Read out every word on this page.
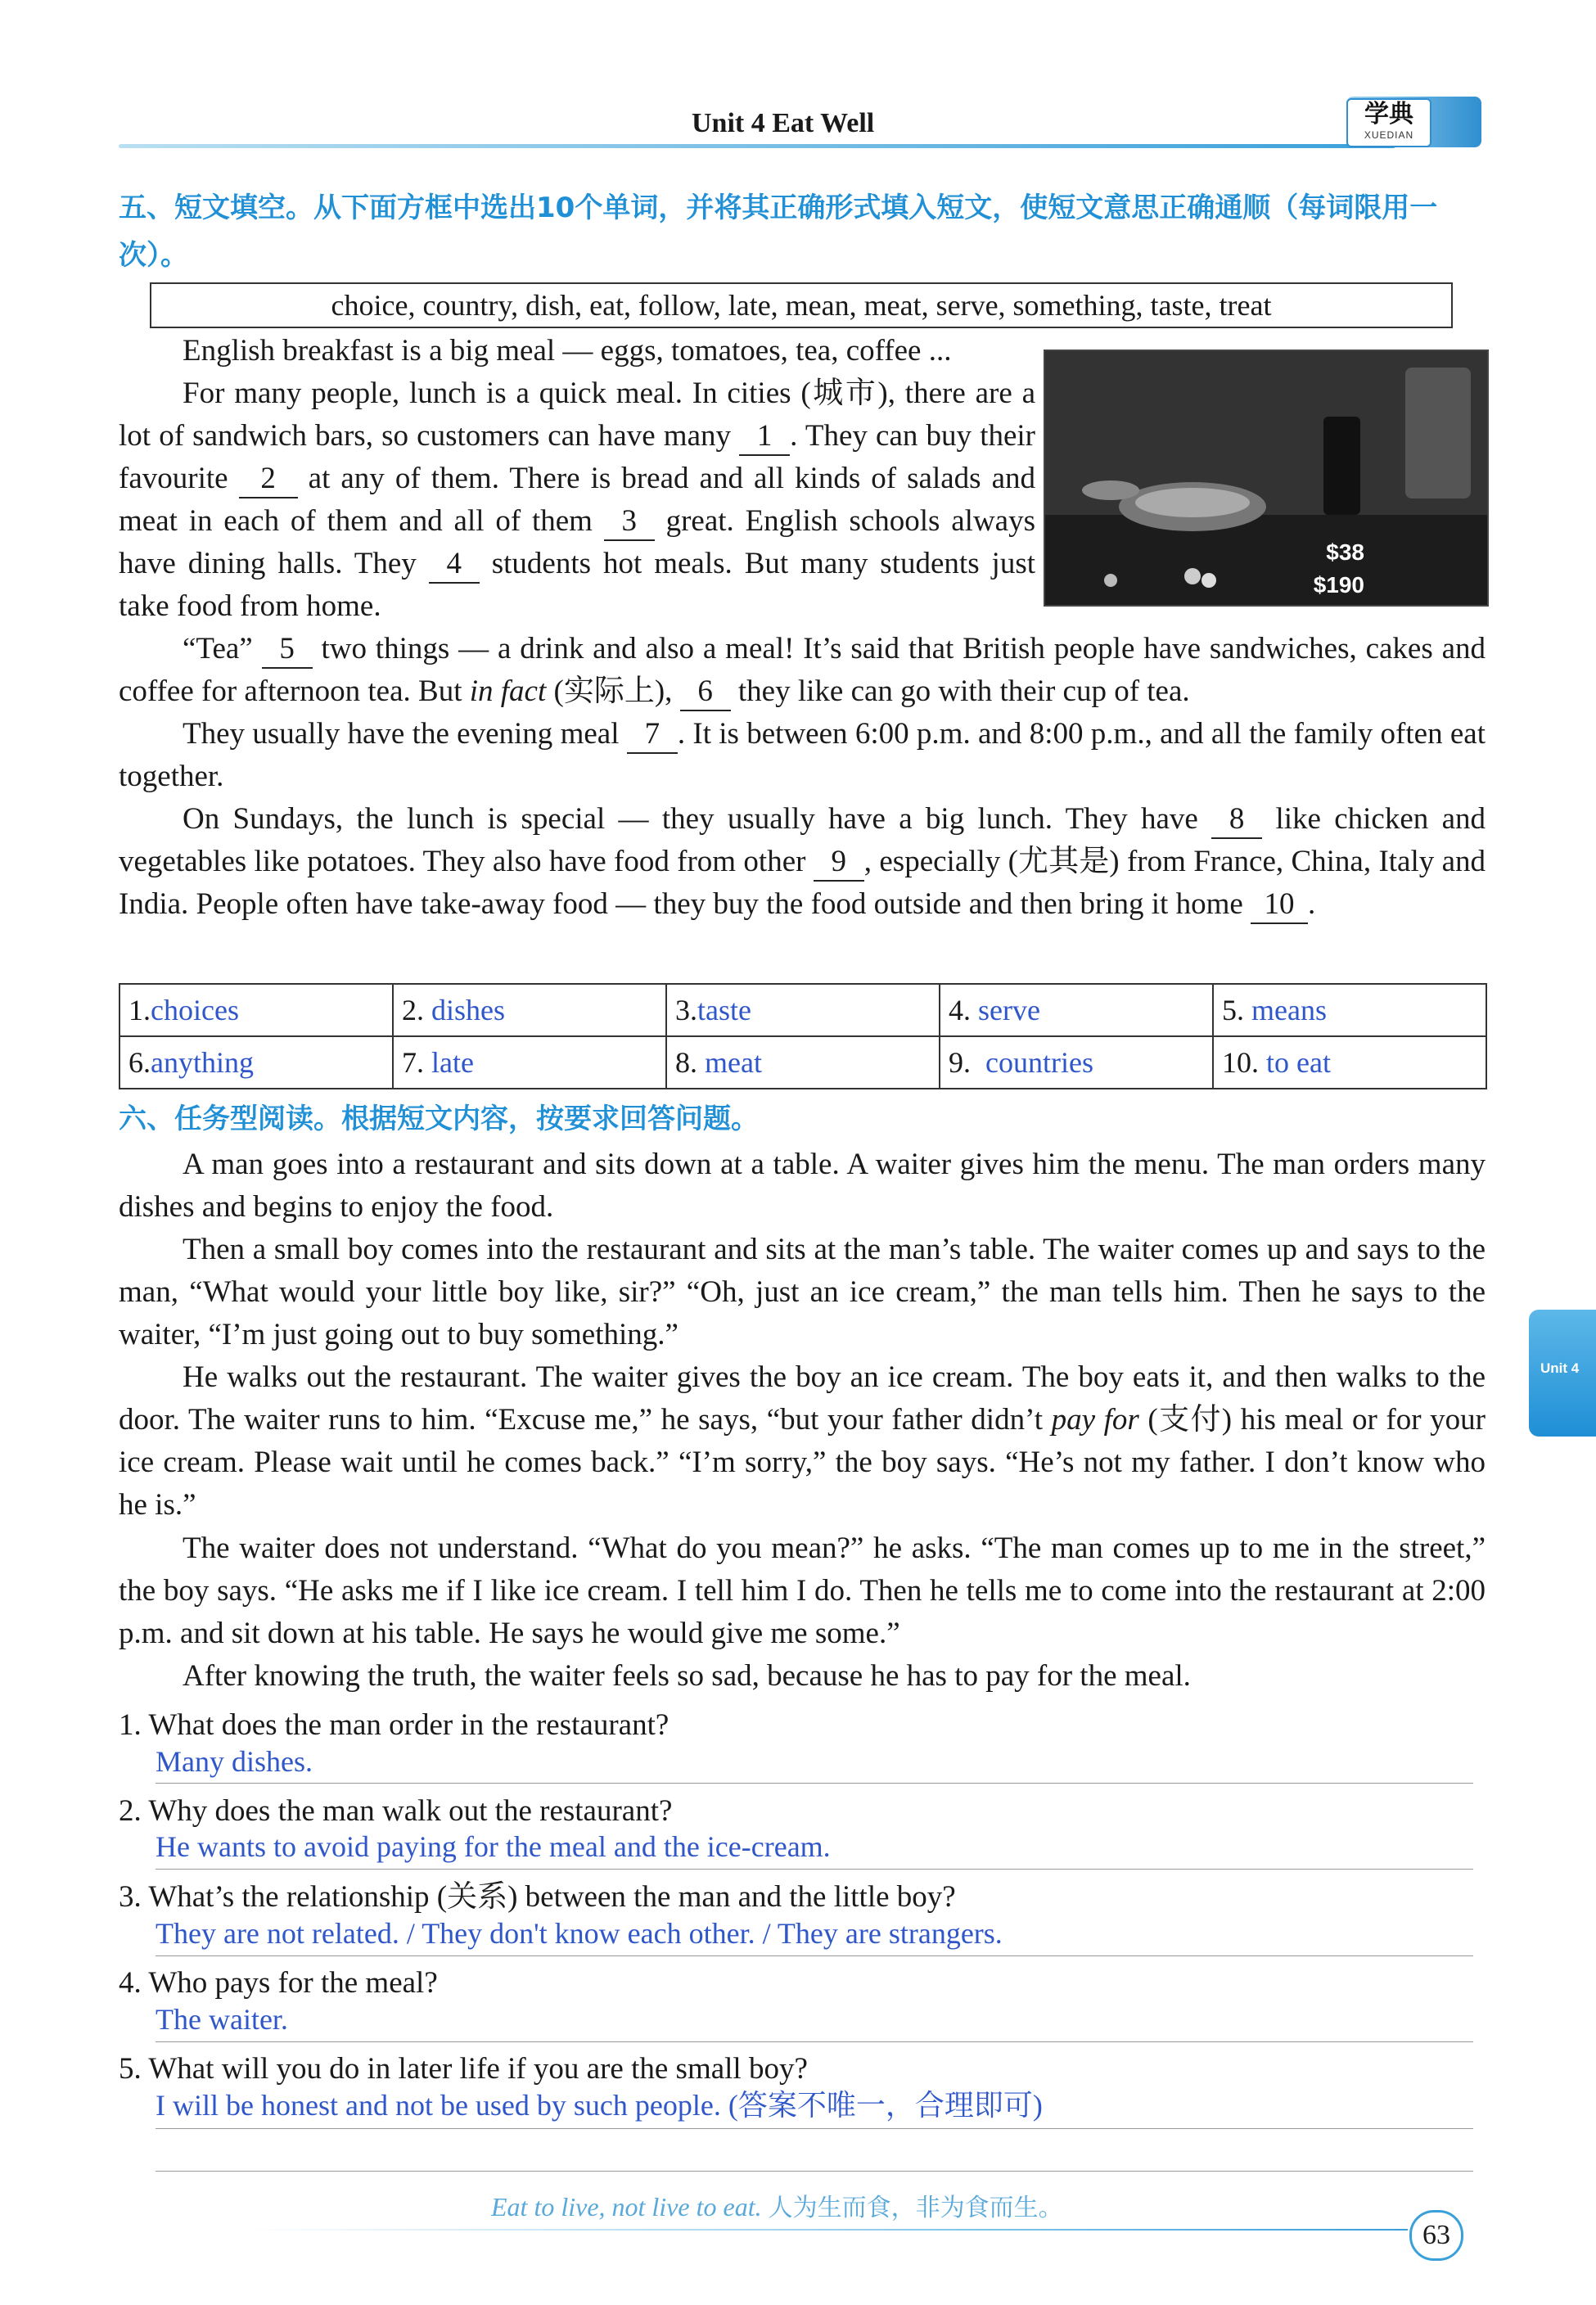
Unit 4 Eat Well	学典
XUEDIAN
五、短文填空。从下面方框中选出10个单词，并将其正确形式填入短文，使短文意思正确通顺（每词限用一次）。
choice, country, dish, eat, follow, late, mean, meat, serve, something, taste, treat
$38
$190
English breakfast is a big meal — eggs, tomatoes, tea, coffee ...
For many people, lunch is a quick meal. In cities (城市), there are a lot of sandwich bars, so customers can have many 1 . They can buy their favourite 2 at any of them. There is bread and all kinds of salads and meat in each of them and all of them 3 great. English schools always have dining halls. They 4 students hot meals. But many students just take food from home.
“Tea” 5 two things — a drink and also a meal! It’s said that British people have sandwiches, cakes and coffee for afternoon tea. But in fact (实际上), 6 they like can go with their cup of tea.
They usually have the evening meal 7 . It is between 6:00 p.m. and 8:00 p.m., and all the family often eat together.
On Sundays, the lunch is special — they usually have a big lunch. They have 8 like chicken and vegetables like potatoes. They also have food from other 9 , especially (尤其是) from France, China, Italy and India. People often have take-away food — they buy the food outside and then bring it home 10 .
1.choices	2. dishes	3.taste	4. serve	5. means
6.anything	7. late	8. meat	9. countries	10. to eat
六、任务型阅读。根据短文内容，按要求回答问题。
A man goes into a restaurant and sits down at a table. A waiter gives him the menu. The man orders many dishes and begins to enjoy the food.
Then a small boy comes into the restaurant and sits at the man’s table. The waiter comes up and says to the man, “What would your little boy like, sir?” “Oh, just an ice cream,” the man tells him. Then he says to the waiter, “I’m just going out to buy something.”
He walks out the restaurant. The waiter gives the boy an ice cream. The boy eats it, and then walks to the door. The waiter runs to him. “Excuse me,” he says, “but your father didn’t pay for (支付) his meal or for your ice cream. Please wait until he comes back.” “I’m sorry,” the boy says. “He’s not my father. I don’t know who he is.”
The waiter does not understand. “What do you mean?” he asks. “The man comes up to me in the street,” the boy says. “He asks me if I like ice cream. I tell him I do. Then he tells me to come into the restaurant at 2:00 p.m. and sit down at his table. He says he would give me some.”
After knowing the truth, the waiter feels so sad, because he has to pay for the meal.
1. What does the man order in the restaurant?
Many dishes.
2. Why does the man walk out the restaurant?
He wants to avoid paying for the meal and the ice-cream.
3. What’s the relationship (关系) between the man and the little boy?
They are not related. / They don't know each other. / They are strangers.
4. Who pays for the meal?
The waiter.
5. What will you do in later life if you are the small boy?
I will be honest and not be used by such people. (答案不唯一，合理即可)
Unit 4
Eat to live, not live to eat. 人为生而食，非为食而生。
63
